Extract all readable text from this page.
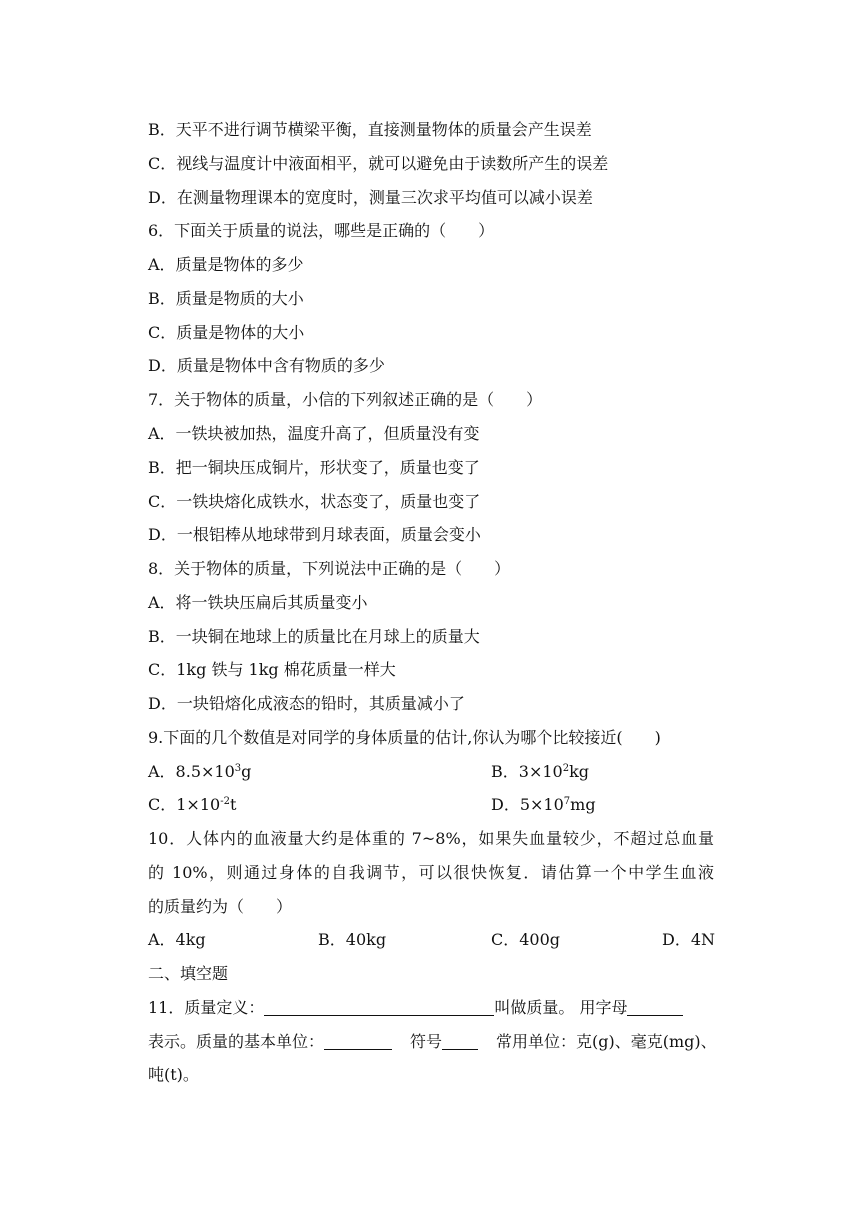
B．天平不进行调节横梁平衡，直接测量物体的质量会产生误差
C．视线与温度计中液面相平，就可以避免由于读数所产生的误差
D．在测量物理课本的宽度时，测量三次求平均值可以减小误差
6．下面关于质量的说法，哪些是正确的（　　）
A．质量是物体的多少
B．质量是物质的大小
C．质量是物体的大小
D．质量是物体中含有物质的多少
7．关于物体的质量，小信的下列叙述正确的是（　　）
A．一铁块被加热，温度升高了，但质量没有变
B．把一铜块压成铜片，形状变了，质量也变了
C．一铁块熔化成铁水，状态变了，质量也变了
D．一根铝棒从地球带到月球表面，质量会变小
8．关于物体的质量，下列说法中正确的是（　　）
A．将一铁块压扁后其质量变小
B．一块铜在地球上的质量比在月球上的质量大
C．1kg 铁与 1kg 棉花质量一样大
D．一块铅熔化成液态的铅时，其质量减小了
9.下面的几个数值是对同学的身体质量的估计,你认为哪个比较接近(　　)
A．$8.5\times 10^3g$	B．$3\times 10^2kg$
C．$1\times 10^{-2}t$	D．$5\times 10^7mg$
10．人体内的血液量大约是体重的 7~8%，如果失血量较少，不超过总血量
的 10%，则通过身体的自我调节，可以很快恢复．请估算一个中学生血液
的质量约为（　　）
A．4kg	B．40kg	C．400g	D．4N
二、填空题
11．质量定义：	叫做质量。 用字母
表示。质量的基本单位：	符号	常用单位：克(g)、毫克(mg)、
吨(t)。
